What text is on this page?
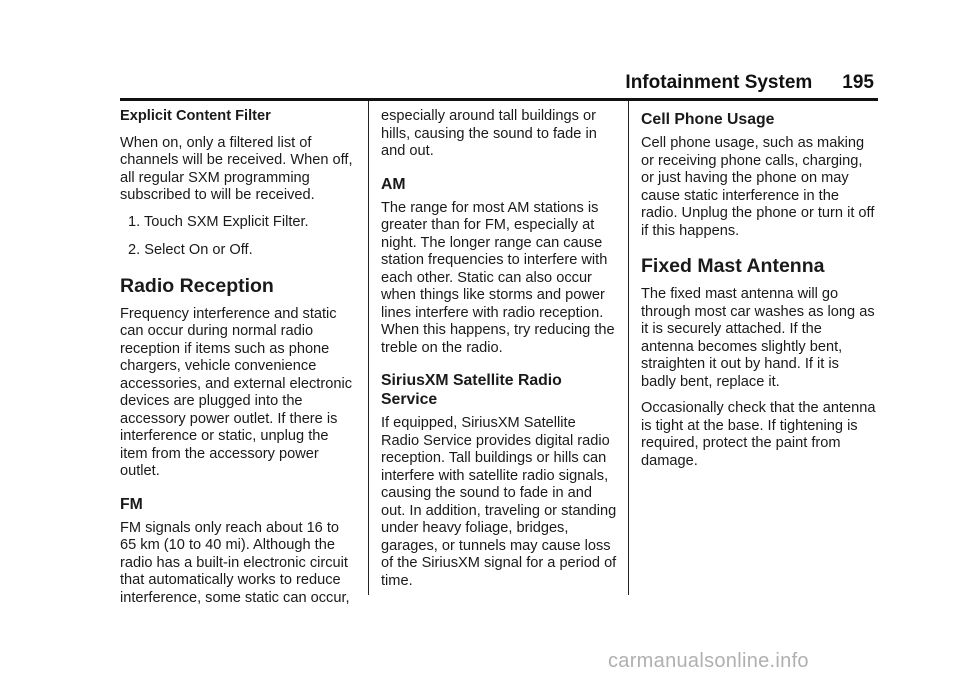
Infotainment System 195

Explicit Content Filter

When on, only a filtered list of channels will be received. When off, all regular SXM programming subscribed to will be received.

1. Touch SXM Explicit Filter.
2. Select On or Off.
Radio Reception

Frequency interference and static can occur during normal radio reception if items such as phone chargers, vehicle convenience accessories, and external electronic devices are plugged into the accessory power outlet. If there is interference or static, unplug the item from the accessory power outlet.

FM

FM signals only reach about 16 to 65 km (10 to 40 mi). Although the radio has a built-in electronic circuit that automatically works to reduce interference, some static can occur,

especially around tall buildings or hills, causing the sound to fade in and out.

AM

The range for most AM stations is greater than for FM, especially at night. The longer range can cause station frequencies to interfere with each other. Static can also occur when things like storms and power lines interfere with radio reception. When this happens, try reducing the treble on the radio.

SiriusXM Satellite Radio Service

If equipped, SiriusXM Satellite Radio Service provides digital radio reception. Tall buildings or hills can interfere with satellite radio signals, causing the sound to fade in and out. In addition, traveling or standing under heavy foliage, bridges, garages, or tunnels may cause loss of the SiriusXM signal for a period of time.

Cell Phone Usage

Cell phone usage, such as making or receiving phone calls, charging, or just having the phone on may cause static interference in the radio. Unplug the phone or turn it off if this happens.

Fixed Mast Antenna

The fixed mast antenna will go through most car washes as long as it is securely attached. If the antenna becomes slightly bent, straighten it out by hand. If it is badly bent, replace it.

Occasionally check that the antenna is tight at the base. If tightening is required, protect the paint from damage.

carmanualsonline.info
